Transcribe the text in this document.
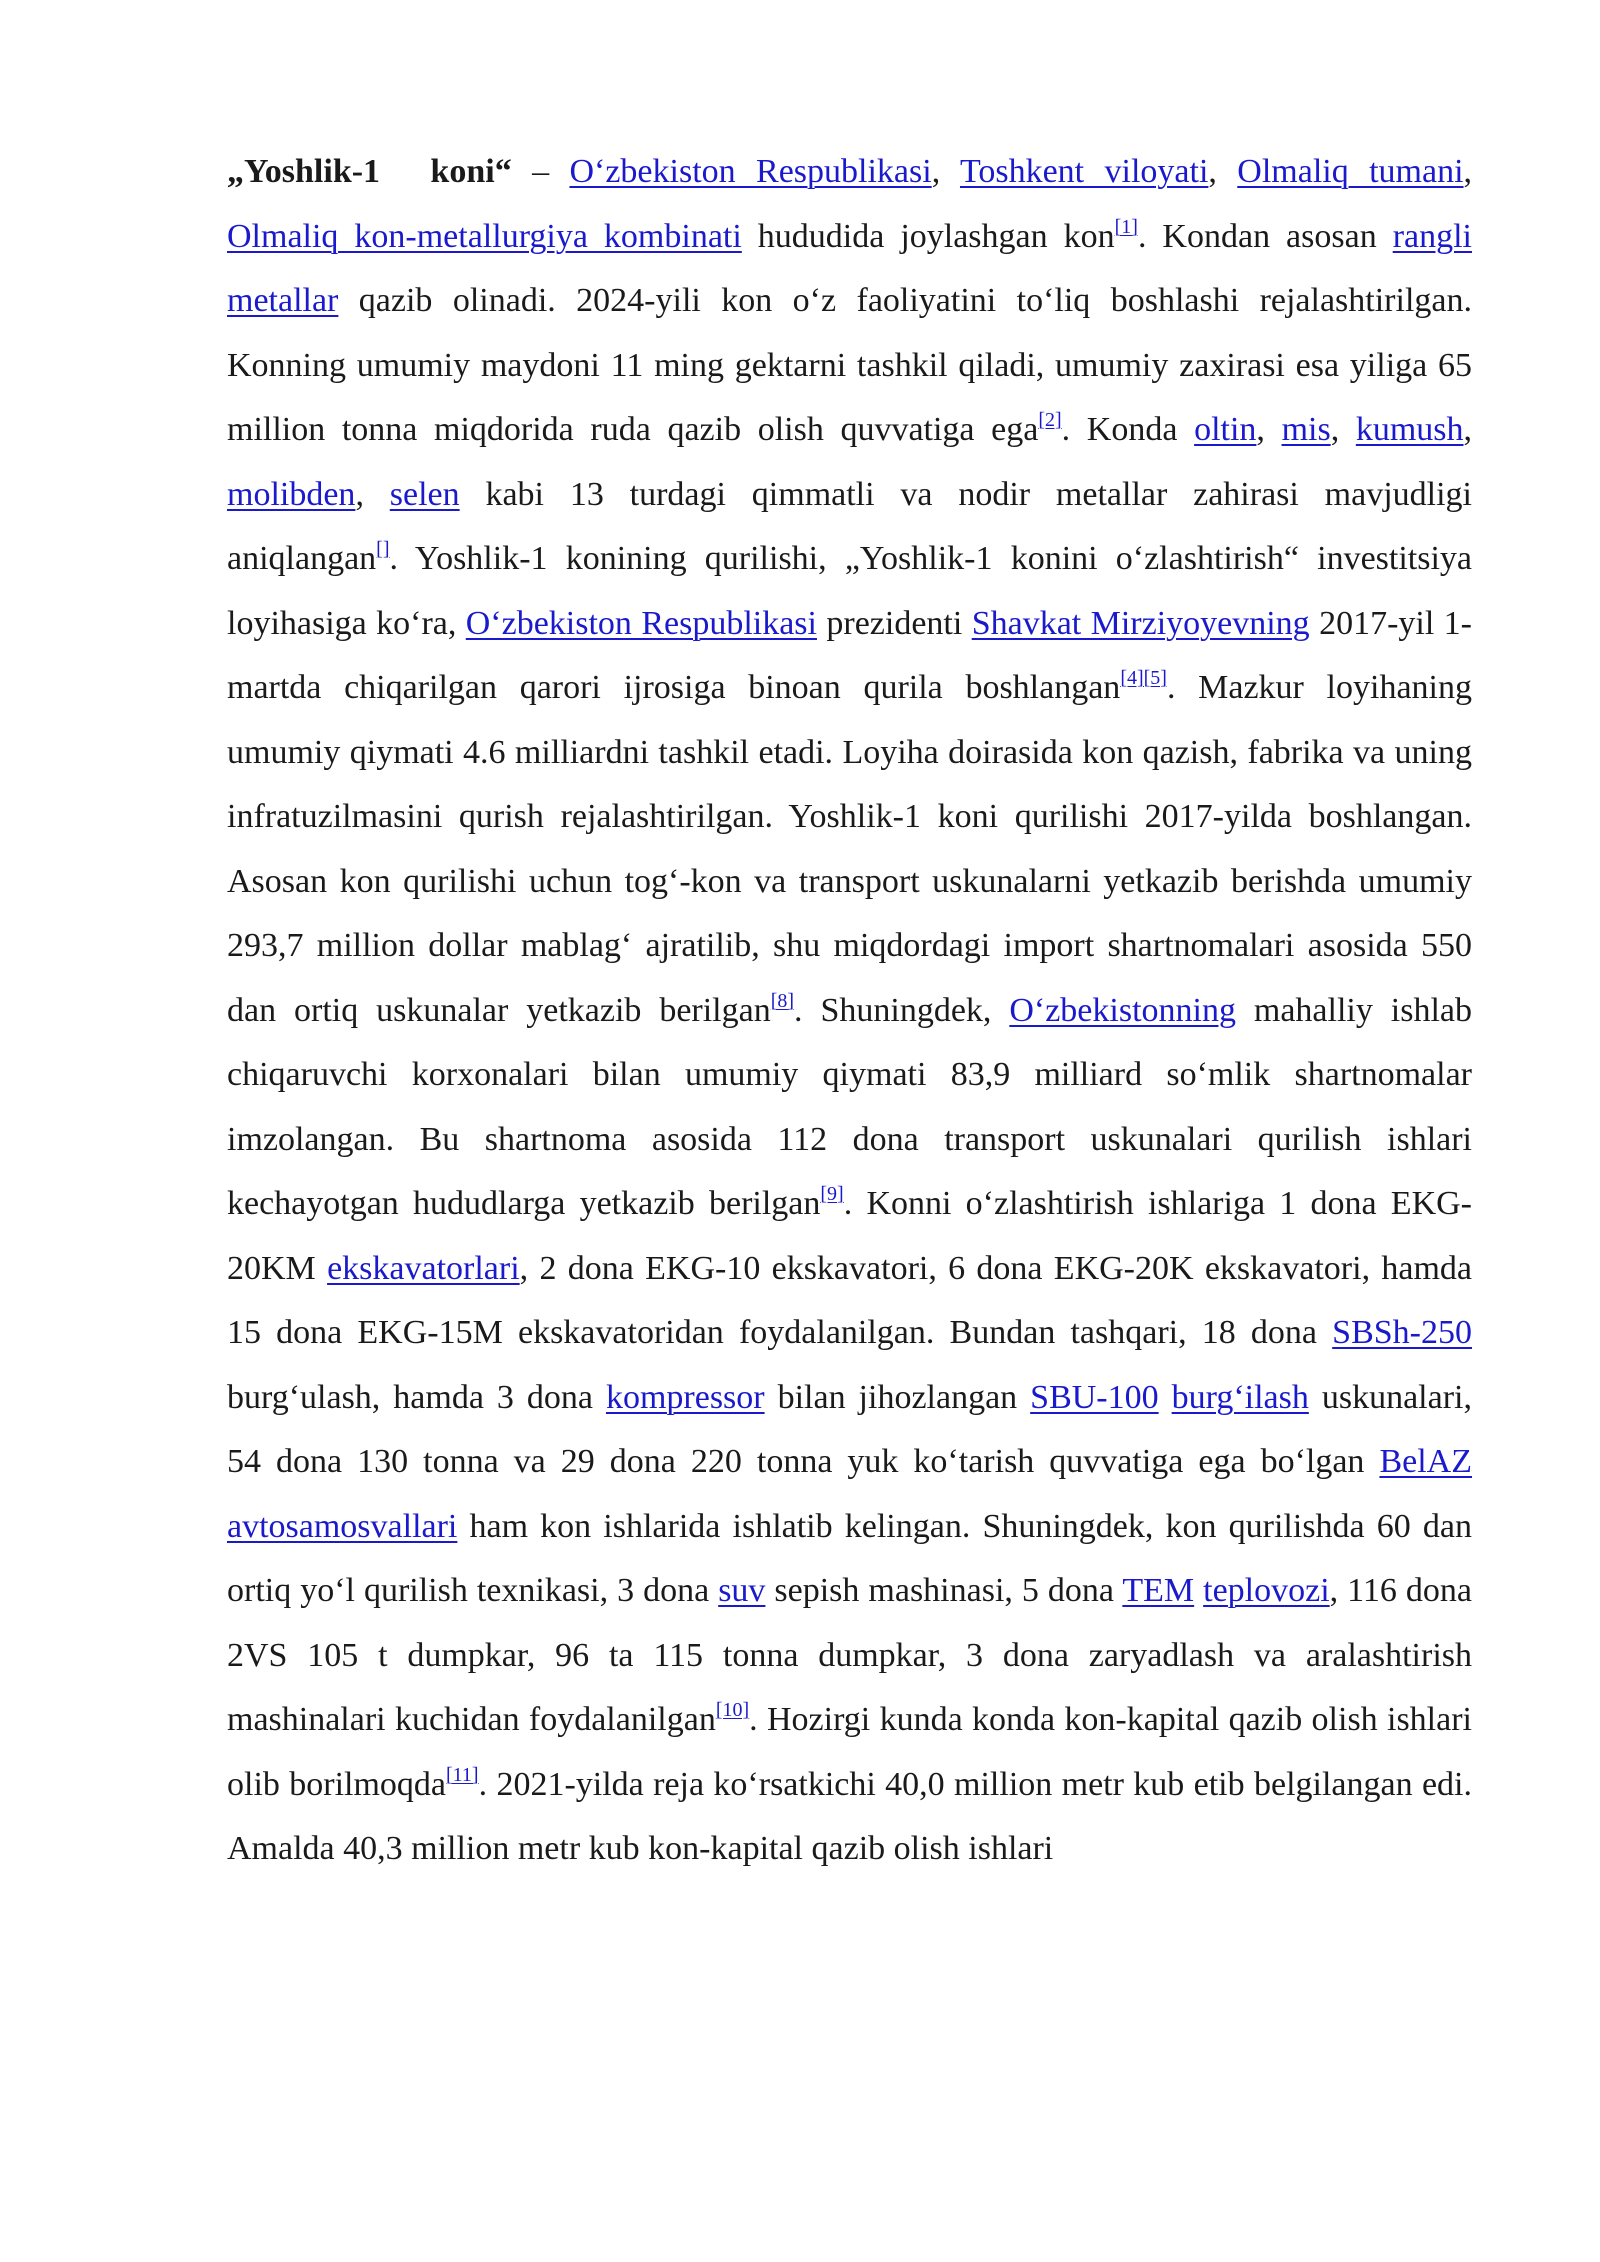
„Yoshlik-1 koni“ – O‘zbekiston Respublikasi, Toshkent viloyati, Olmaliq tumani, Olmaliq kon-metallurgiya kombinati hududida joylashgan kon[1]. Kondan asosan rangli metallar qazib olinadi. 2024-yili kon o‘z faoliyatini to‘liq boshlashi rejalashtirilgan. Konning umumiy maydoni 11 ming gektarni tashkil qiladi, umumiy zaxirasi esa yiliga 65 million tonna miqdorida ruda qazib olish quvvatiga ega[2]. Konda oltin, mis, kumush, molibden, selen kabi 13 turdagi qimmatli va nodir metallar zahirasi mavjudligi aniqlangan[]. Yoshlik-1 konining qurilishi, „Yoshlik-1 konini o‘zlashtirish“ investitsiya loyihasiga ko‘ra, O‘zbekiston Respublikasi prezidenti Shavkat Mirziyoyevning 2017-yil 1-martda chiqarilgan qarori ijrosiga binoan qurila boshlangan[4][5]. Mazkur loyihaning umumiy qiymati 4.6 milliardni tashkil etadi. Loyiha doirasida kon qazish, fabrika va uning infratuzilmasini qurish rejalashtirilgan. Yoshlik-1 koni qurilishi 2017-yilda boshlangan. Asosan kon qurilishi uchun tog‘-kon va transport uskunalarni yetkazib berishda umumiy 293,7 million dollar mablag‘ ajratilib, shu miqdordagi import shartnomalari asosida 550 dan ortiq uskunalar yetkazib berilgan[8]. Shuningdek, O‘zbekistonning mahalliy ishlab chiqaruvchi korxonalari bilan umumiy qiymati 83,9 milliard so‘mlik shartnomalar imzolangan. Bu shartnoma asosida 112 dona transport uskunalari qurilish ishlari kechayotgan hududlarga yetkazib berilgan[9]. Konni o‘zlashtirish ishlariga 1 dona EKG-20KM ekskavatorlari, 2 dona EKG-10 ekskavatori, 6 dona EKG-20K ekskavatori, hamda 15 dona EKG-15M ekskavatoridan foydalanilgan. Bundan tashqari, 18 dona SBSh-250 burg‘ulash, hamda 3 dona kompressor bilan jihozlangan SBU-100 burg‘ilash uskunalari, 54 dona 130 tonna va 29 dona 220 tonna yuk ko‘tarish quvvatiga ega bo‘lgan BelAZ avtosamosvallari ham kon ishlarida ishlatib kelingan. Shuningdek, kon qurilishda 60 dan ortiq yo‘l qurilish texnikasi, 3 dona suv sepish mashinasi, 5 dona TEM teplovozi, 116 dona 2VS 105 t dumpkar, 96 ta 115 tonna dumpkar, 3 dona zaryadlash va aralashtirish mashinalari kuchidan foydalanilgan[10]. Hozirgi kunda konda kon-kapital qazib olish ishlari olib borilmoqda[11]. 2021-yilda reja ko‘rsatkichi 40,0 million metr kub etib belgilangan edi. Amalda 40,3 million metr kub kon-kapital qazib olish ishlari
